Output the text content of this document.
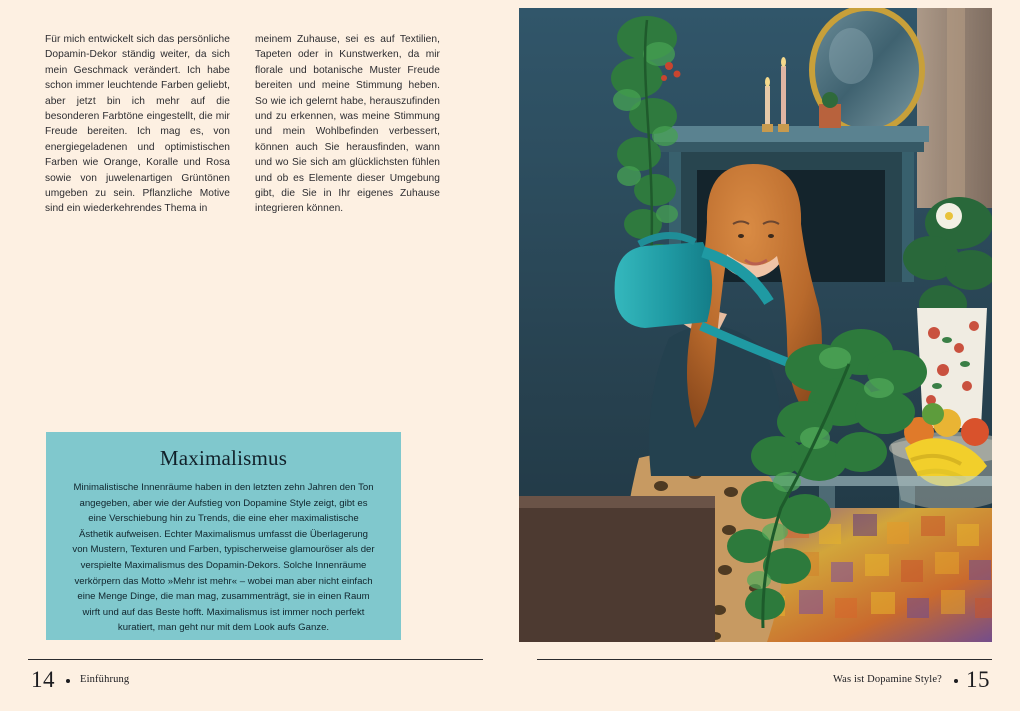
Für mich entwickelt sich das persönliche Dopamin-Dekor ständig weiter, da sich mein Geschmack verändert. Ich habe schon immer leuchtende Farben geliebt, aber jetzt bin ich mehr auf die besonderen Farbtöne eingestellt, die mir Freude bereiten. Ich mag es, von energiegeladenen und optimistischen Farben wie Orange, Koralle und Rosa sowie von juwelenartigen Grüntönen umgeben zu sein. Pflanzliche Motive sind ein wiederkehrendes Thema in

meinem Zuhause, sei es auf Textilien, Tapeten oder in Kunstwerken, da mir florale und botanische Muster Freude bereiten und meine Stimmung heben. So wie ich gelernt habe, herauszufinden und zu erkennen, was meine Stimmung und mein Wohlbefinden verbessert, können auch Sie herausfinden, wann und wo Sie sich am glücklichsten fühlen und ob es Elemente dieser Umgebung gibt, die Sie in Ihr eigenes Zuhause integrieren können.

Maximalismus

Minimalistische Innenräume haben in den letzten zehn Jahren den Ton angegeben, aber wie der Aufstieg von Dopamine Style zeigt, gibt es eine Verschiebung hin zu Trends, die eine eher maximalistische Ästhetik aufweisen. Echter Maximalismus umfasst die Überlagerung von Mustern, Texturen und Farben, typischerweise glamouröser als der verspielte Maximalismus des Dopamin-Dekors. Solche Innenräume verkörpern das Motto »Mehr ist mehr« – wobei man aber nicht einfach eine Menge Dinge, die man mag, zusammenträgt, sie in einen Raum wirft und auf das Beste hofft. Maximalismus ist immer noch perfekt kuratiert, man geht nur mit dem Look aufs Ganze.

14 Einführung	15
Was ist Dopamine Style?
